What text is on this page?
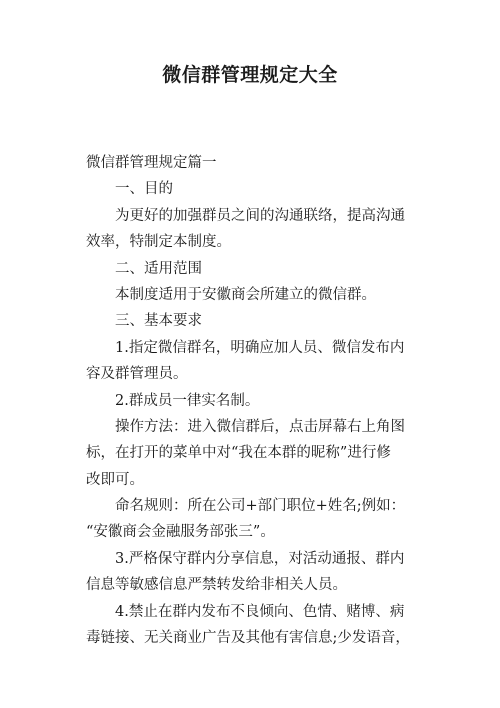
微信群管理规定大全
微信群管理规定篇一
一、目的
为更好的加强群员之间的沟通联络，提高沟通
效率，特制定本制度。
二、适用范围
本制度适用于安徽商会所建立的微信群。
三、基本要求
1.指定微信群名，明确应加人员、微信发布内
容及群管理员。
2.群成员一律实名制。
操作方法：进入微信群后，点击屏幕右上角图
标，在打开的菜单中对“我在本群的昵称”进行修
改即可。
命名规则：所在公司+部门职位+姓名;例如：
“安徽商会金融服务部张三”。
3.严格保守群内分享信息，对活动通报、群内
信息等敏感信息严禁转发给非相关人员。
4.禁止在群内发布不良倾向、色情、赌博、病
毒链接、无关商业广告及其他有害信息;少发语音，
